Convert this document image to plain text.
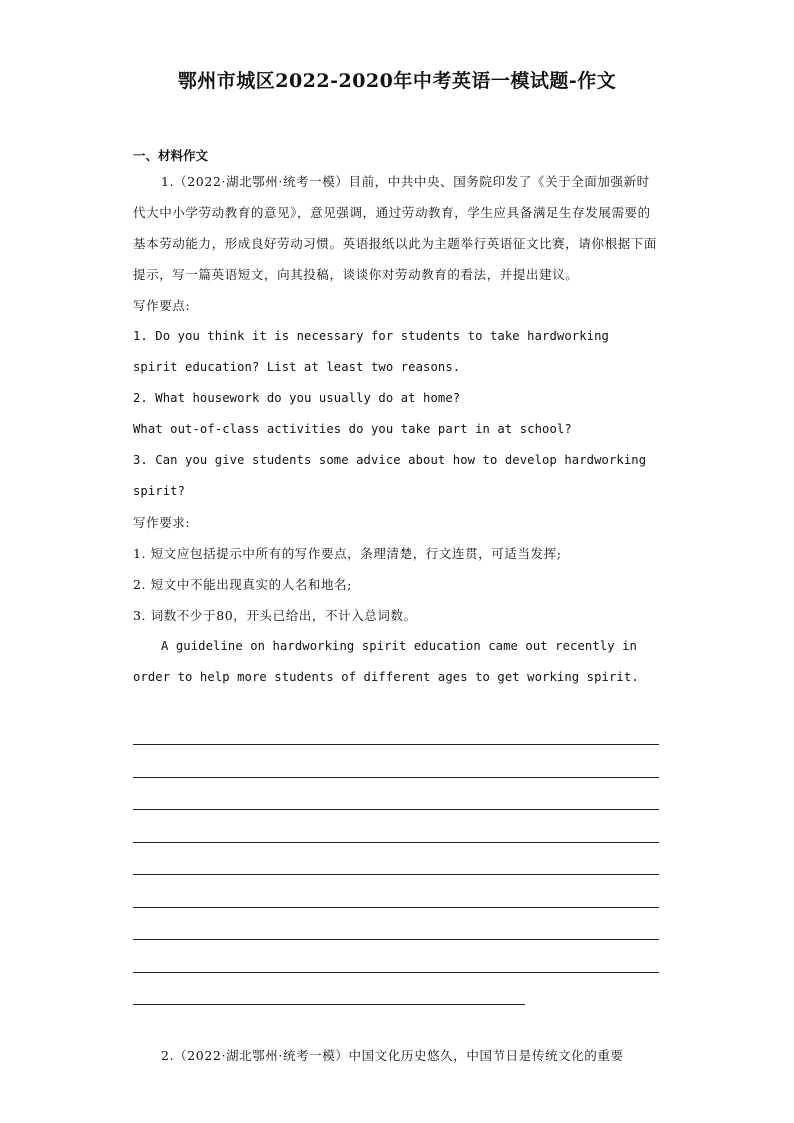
鄂州市城区2022-2020年中考英语一模试题-作文
一、材料作文

1.（2022·湖北鄂州·统考一模）目前，中共中央、国务院印发了《关于全面加强新时代大中小学劳动教育的意见》，意见强调，通过劳动教育，学生应具备满足生存发展需要的基本劳动能力，形成良好劳动习惯。英语报纸以此为主题举行英语征文比赛，请你根据下面提示，写一篇英语短文，向其投稿，谈谈你对劳动教育的看法，并提出建议。

写作要点:

1. Do you think it is necessary for students to take hardworking spirit education? List at least two reasons.

2. What housework do you usually do at home?

What out-of-class activities do you take part in at school?

3. Can you give students some advice about how to develop hardworking spirit?

写作要求:

1. 短文应包括提示中所有的写作要点，条理清楚，行文连贯，可适当发挥;

2. 短文中不能出现真实的人名和地名;

3. 词数不少于80，开头已给出，不计入总词数。

A guideline on hardworking spirit education came out recently in order to help more students of different ages to get working spirit.

2.（2022·湖北鄂州·统考一模）中国文化历史悠久，中国节日是传统文化的重要
